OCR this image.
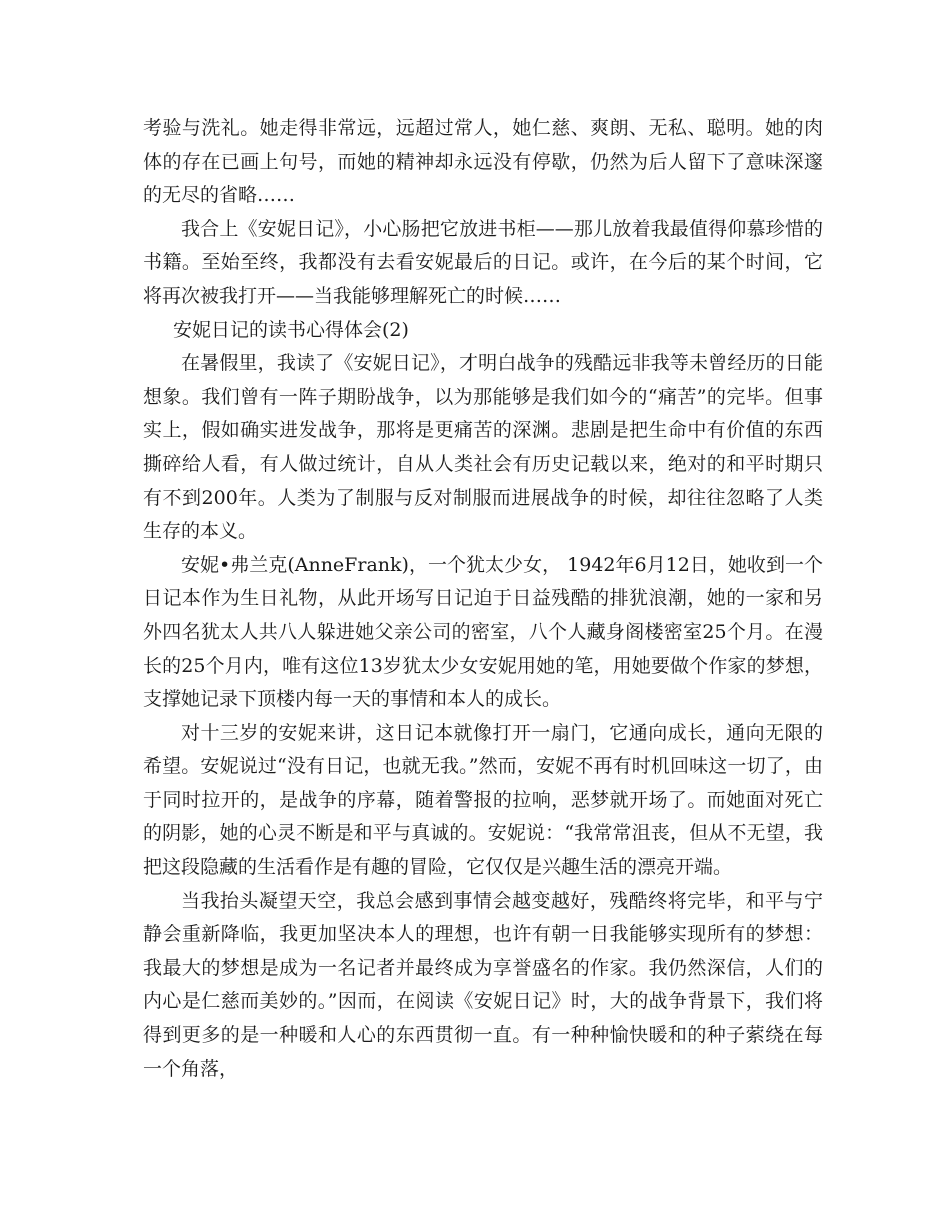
考验与洗礼。她走得非常远，远超过常人，她仁慈、爽朗、无私、聪明。她的肉体的存在已画上句号，而她的精神却永远没有停歇，仍然为后人留下了意味深邃的无尽的省略……

我合上《安妮日记》，小心肠把它放进书柜——那儿放着我最值得仰慕珍惜的书籍。至始至终，我都没有去看安妮最后的日记。或许，在今后的某个时间，它将再次被我打开——当我能够理解死亡的时候……

安妮日记的读书心得体会(2)

在暑假里，我读了《安妮日记》，才明白战争的残酷远非我等未曾经历的日能想象。我们曾有一阵子期盼战争，以为那能够是我们如今的“痛苦”的完毕。但事实上，假如确实进发战争，那将是更痛苦的深渊。悲剧是把生命中有价值的东西撕碎给人看，有人做过统计，自从人类社会有历史记载以来，绝对的和平时期只有不到200年。人类为了制服与反对制服而进展战争的时候，却往往忽略了人类生存的本义。

安妮•弗兰克(AnneFrank)，一个犹太少女， 1942年6月12日，她收到一个日记本作为生日礼物，从此开场写日记迫于日益残酷的排犹浪潮，她的一家和另外四名犹太人共八人躲进她父亲公司的密室，八个人藏身阁楼密室25个月。在漫长的25个月内，唯有这位13岁犹太少女安妮用她的笔，用她要做个作家的梦想，支撑她记录下顶楼内每一天的事情和本人的成长。

对十三岁的安妮来讲，这日记本就像打开一扇门，它通向成长，通向无限的希望。安妮说过“没有日记，也就无我。”然而，安妮不再有时机回味这一切了，由于同时拉开的，是战争的序幕，随着警报的拉响，恶梦就开场了。而她面对死亡的阴影，她的心灵不断是和平与真诚的。安妮说：“我常常沮丧，但从不无望，我把这段隐藏的生活看作是有趣的冒险，它仅仅是兴趣生活的漂亮开端。

当我抬头凝望天空，我总会感到事情会越变越好，残酷终将完毕，和平与宁静会重新降临，我更加坚决本人的理想，也许有朝一日我能够实现所有的梦想：我最大的梦想是成为一名记者并最终成为享誉盛名的作家。我仍然深信，人们的内心是仁慈而美妙的。”因而，在阅读《安妮日记》时，大的战争背景下，我们将得到更多的是一种暖和人心的东西贯彻一直。有一种种愉快暖和的种子萦绕在每一个角落，
